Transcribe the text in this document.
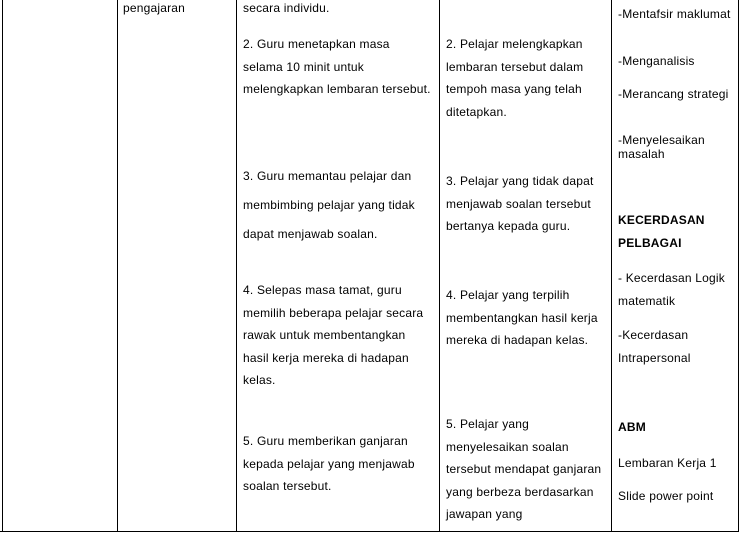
pengajaran	secara individu.
2. Guru menetapkan masa selama 10 minit untuk melengkapkan lembaran tersebut.
3. Guru memantau pelajar dan membimbing pelajar yang tidak dapat menjawab soalan.
4. Selepas masa tamat, guru memilih beberapa pelajar secara rawak untuk membentangkan hasil kerja mereka di hadapan kelas.
5. Guru memberikan ganjaran kepada pelajar yang menjawab soalan tersebut.
2. Pelajar melengkapkan lembaran tersebut dalam tempoh masa yang telah ditetapkan.
3. Pelajar yang tidak dapat menjawab soalan tersebut bertanya kepada guru.
4. Pelajar yang terpilih membentangkan hasil kerja mereka di hadapan kelas.
5. Pelajar yang menyelesaikan soalan tersebut mendapat ganjaran yang berbeza berdasarkan jawapan yang
-Mentafsir maklumat
-Menganalisis
-Merancang strategi
-Menyelesaikan masalah
KECERDASAN PELBAGAI
- Kecerdasan Logik matematik
-Kecerdasan Intrapersonal
ABM
Lembaran Kerja 1
Slide power point
